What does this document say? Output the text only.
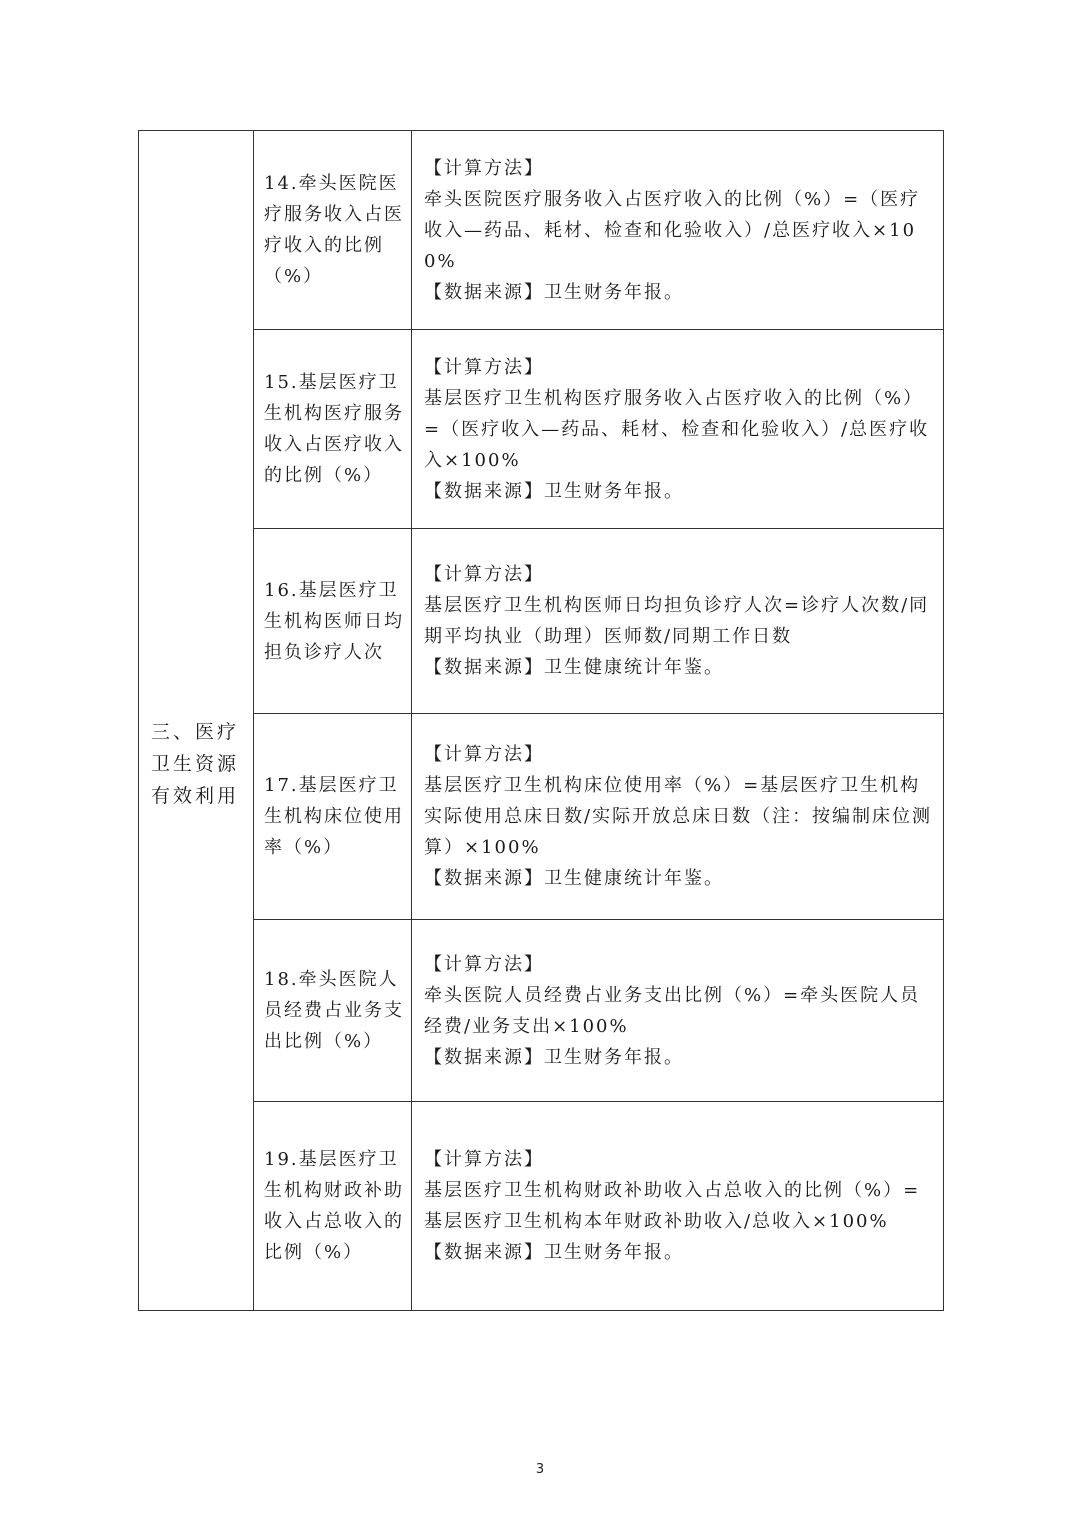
三、医疗卫生资源有效利用	14.牵头医院医疗服务收入占医疗收入的比例（%）	【计算方法】
牵头医院医疗服务收入占医疗收入的比例（%）=（医疗收入—药品、耗材、检查和化验收入）/总医疗收入×100%
【数据来源】卫生财务年报。

	15.基层医疗卫生机构医疗服务收入占医疗收入的比例（%）	【计算方法】
基层医疗卫生机构医疗服务收入占医疗收入的比例（%）=（医疗收入—药品、耗材、检查和化验收入）/总医疗收入×100%
【数据来源】卫生财务年报。

	16.基层医疗卫生机构医师日均担负诊疗人次	【计算方法】
基层医疗卫生机构医师日均担负诊疗人次=诊疗人次数/同期平均执业（助理）医师数/同期工作日数
【数据来源】卫生健康统计年鉴。

	17.基层医疗卫生机构床位使用率（%）	【计算方法】
基层医疗卫生机构床位使用率（%）=基层医疗卫生机构实际使用总床日数/实际开放总床日数（注：按编制床位测算）×100%
【数据来源】卫生健康统计年鉴。

	18.牵头医院人员经费占业务支出比例（%）	【计算方法】
牵头医院人员经费占业务支出比例（%）=牵头医院人员经费/业务支出×100%
【数据来源】卫生财务年报。

	19.基层医疗卫生机构财政补助收入占总收入的比例（%）	【计算方法】
基层医疗卫生机构财政补助收入占总收入的比例（%）=基层医疗卫生机构本年财政补助收入/总收入×100%
【数据来源】卫生财务年报。
3
